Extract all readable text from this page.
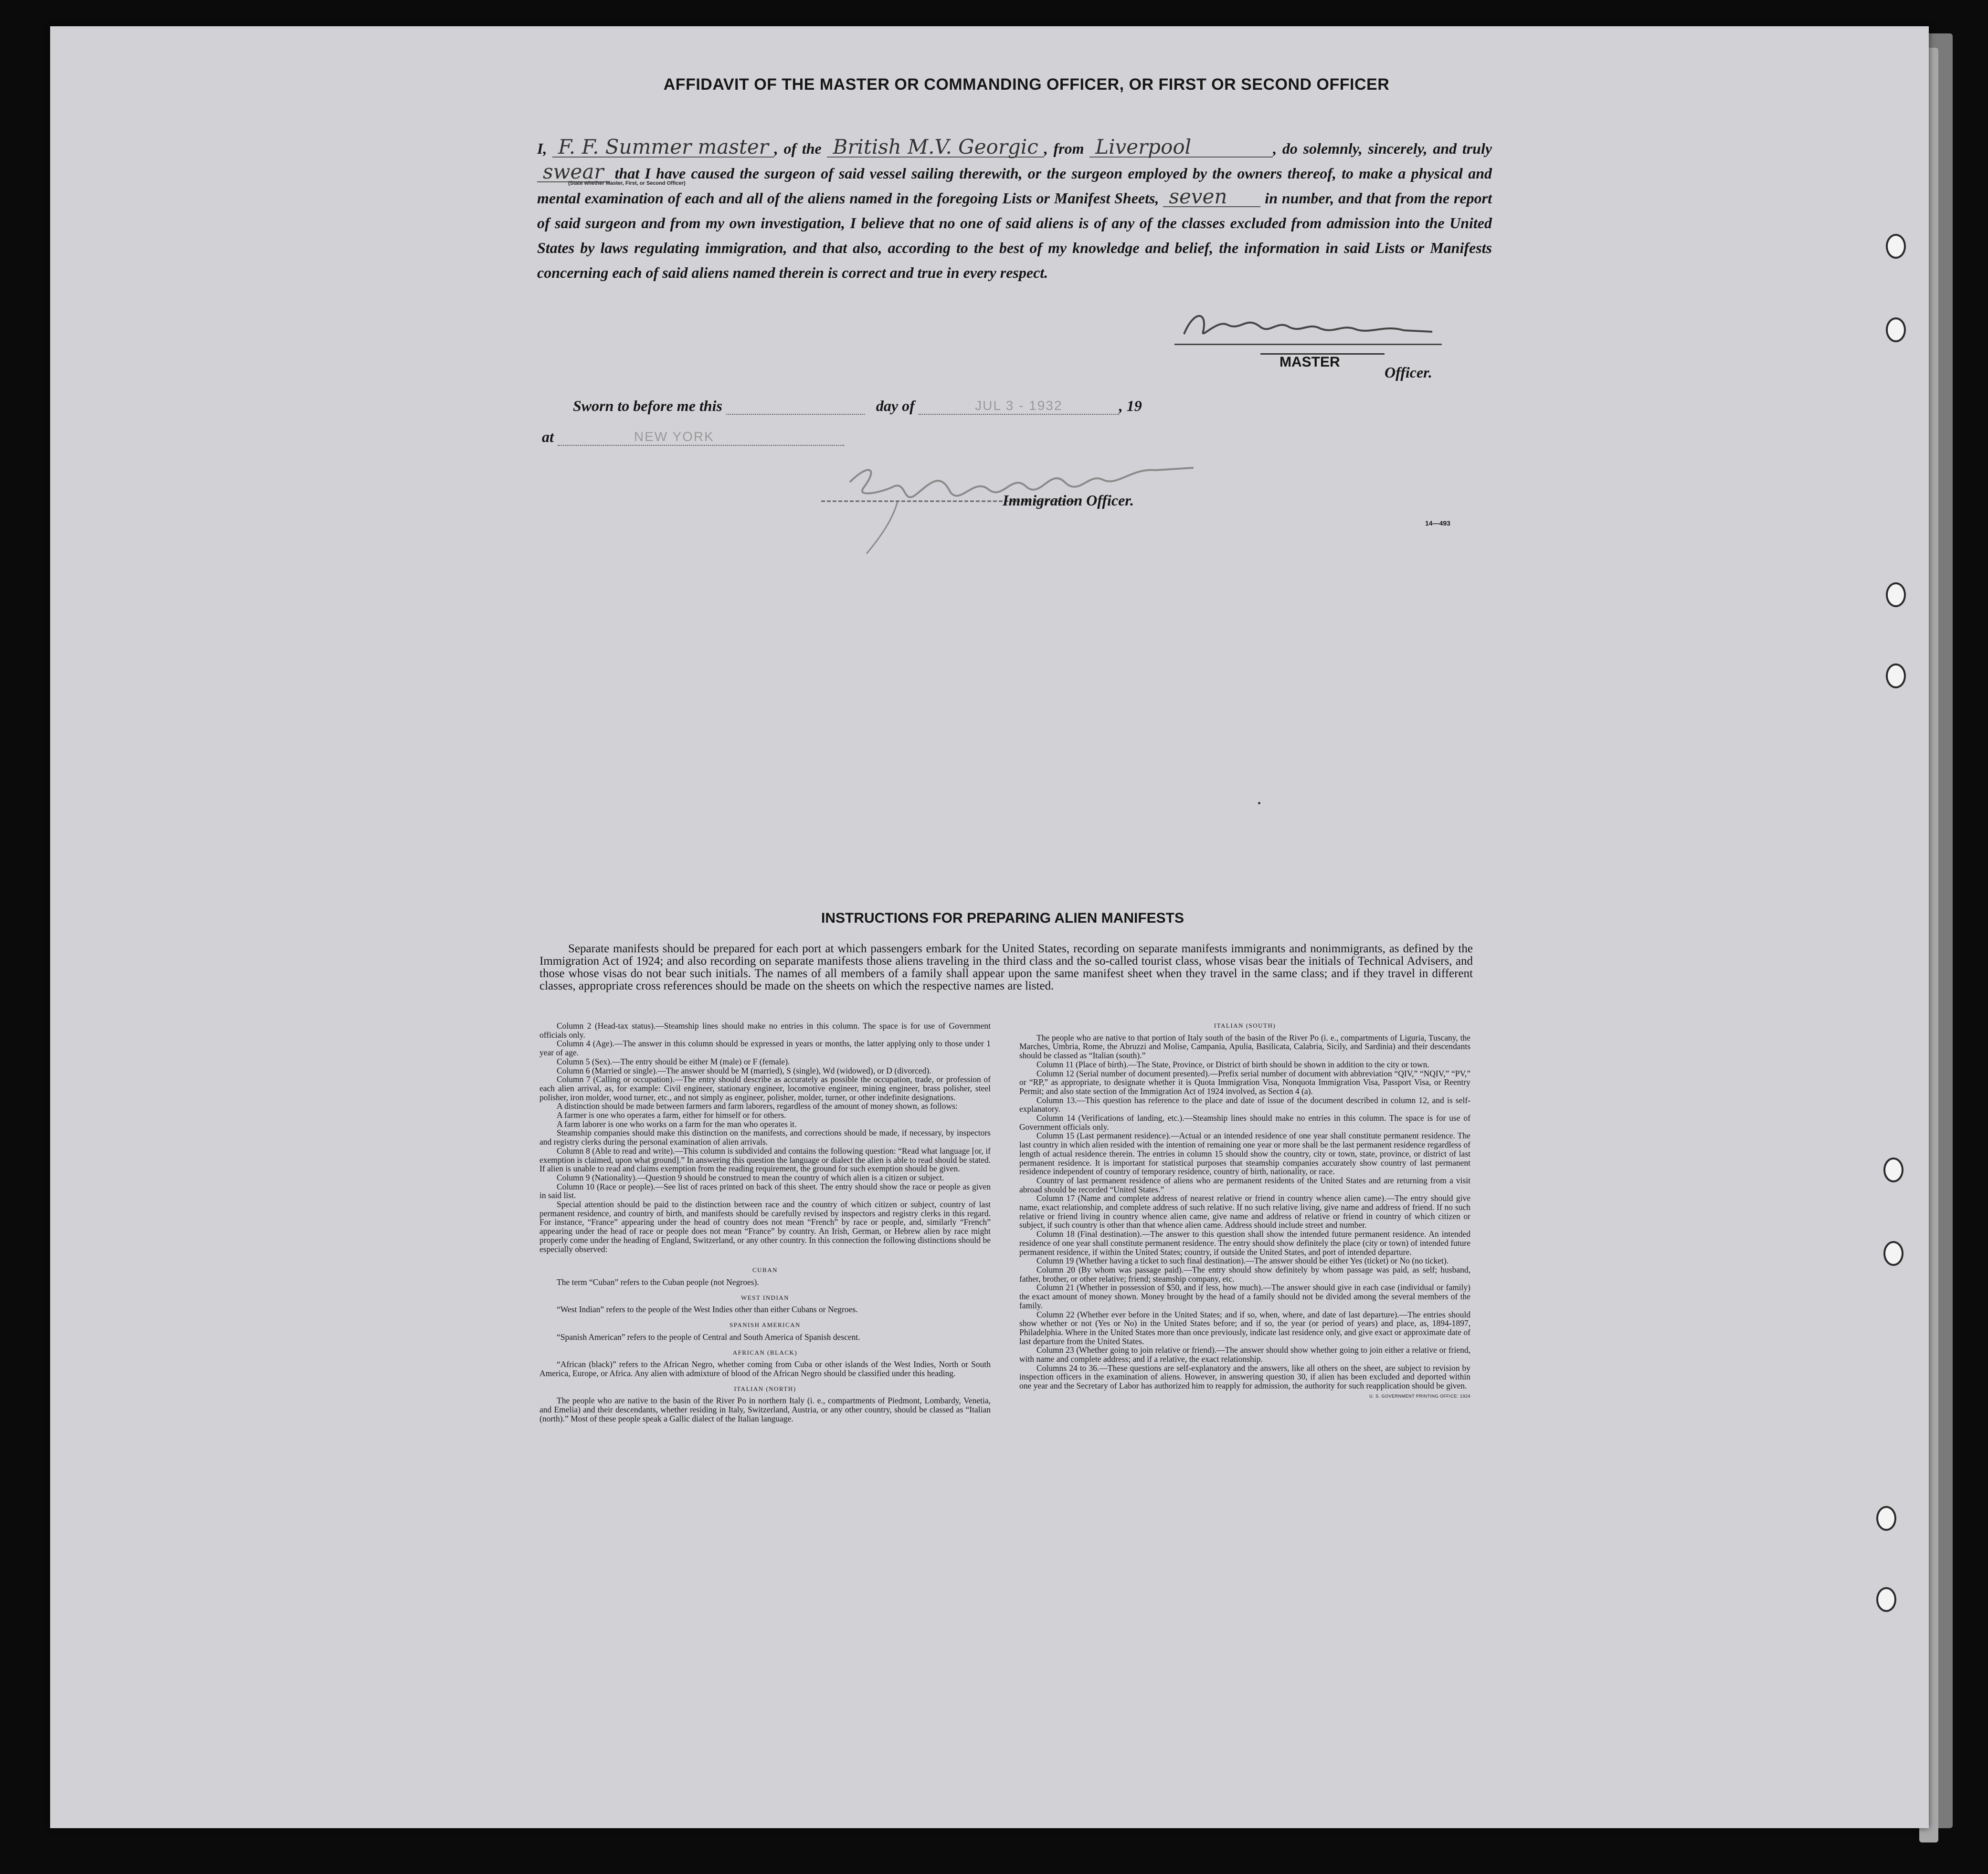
AFFIDAVIT OF THE MASTER OR COMMANDING OFFICER, OR FIRST OR SECOND OFFICER
I, F. F. Summer master , of the British M.V. Georgic , from Liverpool	, do solemnly, sincerely, and truly swear that I have caused the surgeon of said vessel sailing therewith, or the surgeon employed by the owners thereof, to make a physical and mental examination of each and all of the aliens named in the foregoing Lists or Manifest Sheets, seven in number, and that from the report of said surgeon and from my own investigation, I believe that no one of said aliens is of any of the classes excluded from admission into the United States by laws regulating immigration, and that also, according to the best of my knowledge and belief, the information in said Lists or Manifests concerning each of said aliens named therein is correct and true in every respect.
(State whether Master, First, or Second Officer)
MASTER
Officer.
Sworn to before me this	day of	JUL 3 - 1932	, 19
at	NEW YORK
Immigration Officer.
14—493
INSTRUCTIONS FOR PREPARING ALIEN MANIFESTS
Separate manifests should be prepared for each port at which passengers embark for the United States, recording on separate manifests immigrants and nonimmigrants, as defined by the Immigration Act of 1924; and also recording on separate manifests those aliens traveling in the third class and the so-called tourist class, whose visas bear the initials of Technical Advisers, and those whose visas do not bear such initials. The names of all members of a family shall appear upon the same manifest sheet when they travel in the same class; and if they travel in different classes, appropriate cross references should be made on the sheets on which the respective names are listed.

Column 2 (Head-tax status).—Steamship lines should make no entries in this column. The space is for use of Government officials only.

Column 4 (Age).—The answer in this column should be expressed in years or months, the latter applying only to those under 1 year of age.

Column 5 (Sex).—The entry should be either M (male) or F (female).

Column 6 (Married or single).—The answer should be M (married), S (single), Wd (widowed), or D (divorced).

Column 7 (Calling or occupation).—The entry should describe as accurately as possible the occupation, trade, or profession of each alien arrival, as, for example: Civil engineer, stationary engineer, locomotive engineer, mining engineer, brass polisher, steel polisher, iron molder, wood turner, etc., and not simply as engineer, polisher, molder, turner, or other indefinite designations.

A distinction should be made between farmers and farm laborers, regardless of the amount of money shown, as follows:

A farmer is one who operates a farm, either for himself or for others.

A farm laborer is one who works on a farm for the man who operates it.

Steamship companies should make this distinction on the manifests, and corrections should be made, if necessary, by inspectors and registry clerks during the personal examination of alien arrivals.

Column 8 (Able to read and write).—This column is subdivided and contains the following question: “Read what language [or, if exemption is claimed, upon what ground].” In answering this question the language or dialect the alien is able to read should be stated. If alien is unable to read and claims exemption from the reading requirement, the ground for such exemption should be given.

Column 9 (Nationality).—Question 9 should be construed to mean the country of which alien is a citizen or subject.

Column 10 (Race or people).—See list of races printed on back of this sheet. The entry should show the race or people as given in said list.

Special attention should be paid to the distinction between race and the country of which citizen or subject, country of last permanent residence, and country of birth, and manifests should be carefully revised by inspectors and registry clerks in this regard. For instance, “France” appearing under the head of country does not mean “French” by race or people, and, similarly “French” appearing under the head of race or people does not mean “France” by country. An Irish, German, or Hebrew alien by race might properly come under the heading of England, Switzerland, or any other country. In this connection the following distinctions should be especially observed:

CUBAN

The term “Cuban” refers to the Cuban people (not Negroes).

WEST INDIAN

“West Indian” refers to the people of the West Indies other than either Cubans or Negroes.

SPANISH AMERICAN

“Spanish American” refers to the people of Central and South America of Spanish descent.

AFRICAN (BLACK)

“African (black)” refers to the African Negro, whether coming from Cuba or other islands of the West Indies, North or South America, Europe, or Africa. Any alien with admixture of blood of the African Negro should be classified under this heading.

ITALIAN (NORTH)

The people who are native to the basin of the River Po in northern Italy (i. e., compartments of Piedmont, Lombardy, Venetia, and Emelia) and their descendants, whether residing in Italy, Switzerland, Austria, or any other country, should be classed as “Italian (north).” Most of these people speak a Gallic dialect of the Italian language.

ITALIAN (SOUTH)

The people who are native to that portion of Italy south of the basin of the River Po (i. e., compartments of Liguria, Tuscany, the Marches, Umbria, Rome, the Abruzzi and Molise, Campania, Apulia, Basilicata, Calabria, Sicily, and Sardinia) and their descendants should be classed as “Italian (south).”

Column 11 (Place of birth).—The State, Province, or District of birth should be shown in addition to the city or town.

Column 12 (Serial number of document presented).—Prefix serial number of document with abbreviation “QIV,” “NQIV,” “PV,” or “RP,” as appropriate, to designate whether it is Quota Immigration Visa, Nonquota Immigration Visa, Passport Visa, or Reentry Permit; and also state section of the Immigration Act of 1924 involved, as Section 4 (a).

Column 13.—This question has reference to the place and date of issue of the document described in column 12, and is self-explanatory.

Column 14 (Verifications of landing, etc.).—Steamship lines should make no entries in this column. The space is for use of Government officials only.

Column 15 (Last permanent residence).—Actual or an intended residence of one year shall constitute permanent residence. The last country in which alien resided with the intention of remaining one year or more shall be the last permanent residence regardless of length of actual residence therein. The entries in column 15 should show the country, city or town, state, province, or district of last permanent residence. It is important for statistical purposes that steamship companies accurately show country of last permanent residence independent of country of temporary residence, country of birth, nationality, or race.

Country of last permanent residence of aliens who are permanent residents of the United States and are returning from a visit abroad should be recorded “United States.”

Column 17 (Name and complete address of nearest relative or friend in country whence alien came).—The entry should give name, exact relationship, and complete address of such relative. If no such relative living, give name and address of friend. If no such relative or friend living in country whence alien came, give name and address of relative or friend in country of which citizen or subject, if such country is other than that whence alien came. Address should include street and number.

Column 18 (Final destination).—The answer to this question shall show the intended future permanent residence. An intended residence of one year shall constitute permanent residence. The entry should show definitely the place (city or town) of intended future permanent residence, if within the United States; country, if outside the United States, and port of intended departure.

Column 19 (Whether having a ticket to such final destination).—The answer should be either Yes (ticket) or No (no ticket).

Column 20 (By whom was passage paid).—The entry should show definitely by whom passage was paid, as self; husband, father, brother, or other relative; friend; steamship company, etc.

Column 21 (Whether in possession of $50, and if less, how much).—The answer should give in each case (individual or family) the exact amount of money shown. Money brought by the head of a family should not be divided among the several members of the family.

Column 22 (Whether ever before in the United States; and if so, when, where, and date of last departure).—The entries should show whether or not (Yes or No) in the United States before; and if so, the year (or period of years) and place, as, 1894-1897, Philadelphia. Where in the United States more than once previously, indicate last residence only, and give exact or approximate date of last departure from the United States.

Column 23 (Whether going to join relative or friend).—The answer should show whether going to join either a relative or friend, with name and complete address; and if a relative, the exact relationship.

Columns 24 to 36.—These questions are self-explanatory and the answers, like all others on the sheet, are subject to revision by inspection officers in the examination of aliens. However, in answering question 30, if alien has been excluded and deported within one year and the Secretary of Labor has authorized him to reapply for admission, the authority for such reapplication should be given.

U. S. GOVERNMENT PRINTING OFFICE: 1924
